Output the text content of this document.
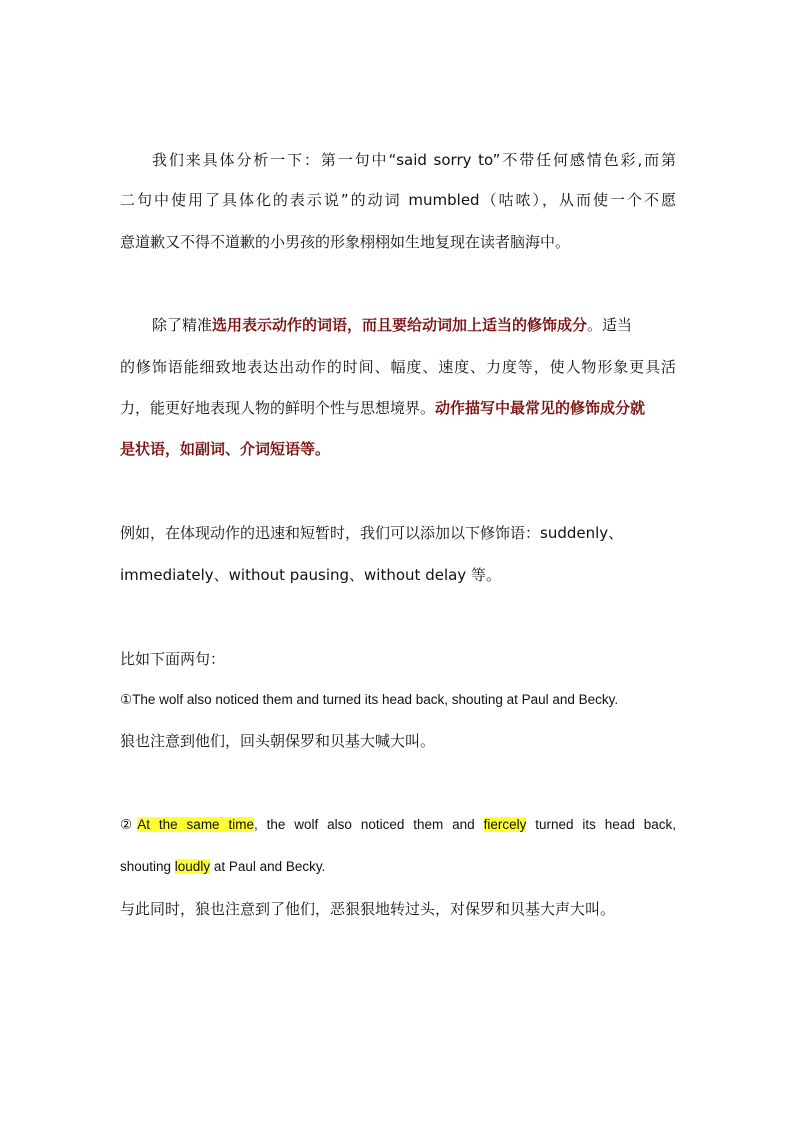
我们来具体分析一下：第一句中“said sorry to”不带任何感情色彩,而第
二句中使用了具体化的表示说”的动词 mumbled（咕哝），从而使一个不愿
意道歉又不得不道歉的小男孩的形象栩栩如生地复现在读者脑海中。
除了精准选用表示动作的词语，而且要给动词加上适当的修饰成分。适当
的修饰语能细致地表达出动作的时间、幅度、速度、力度等，使人物形象更具活
力，能更好地表现人物的鲜明个性与思想境界。动作描写中最常见的修饰成分就
是状语，如副词、介词短语等。
例如，在体现动作的迅速和短暂时，我们可以添加以下修饰语：suddenly、
immediately、without pausing、without delay 等。
比如下面两句：
①The wolf also noticed them and turned its head back, shouting at Paul and Becky.
狼也注意到他们，回头朝保罗和贝基大喊大叫。
②At the same time, the wolf also noticed them and fiercely turned its head back,
shouting loudly at Paul and Becky.
与此同时，狼也注意到了他们，恶狠狠地转过头，对保罗和贝基大声大叫。
